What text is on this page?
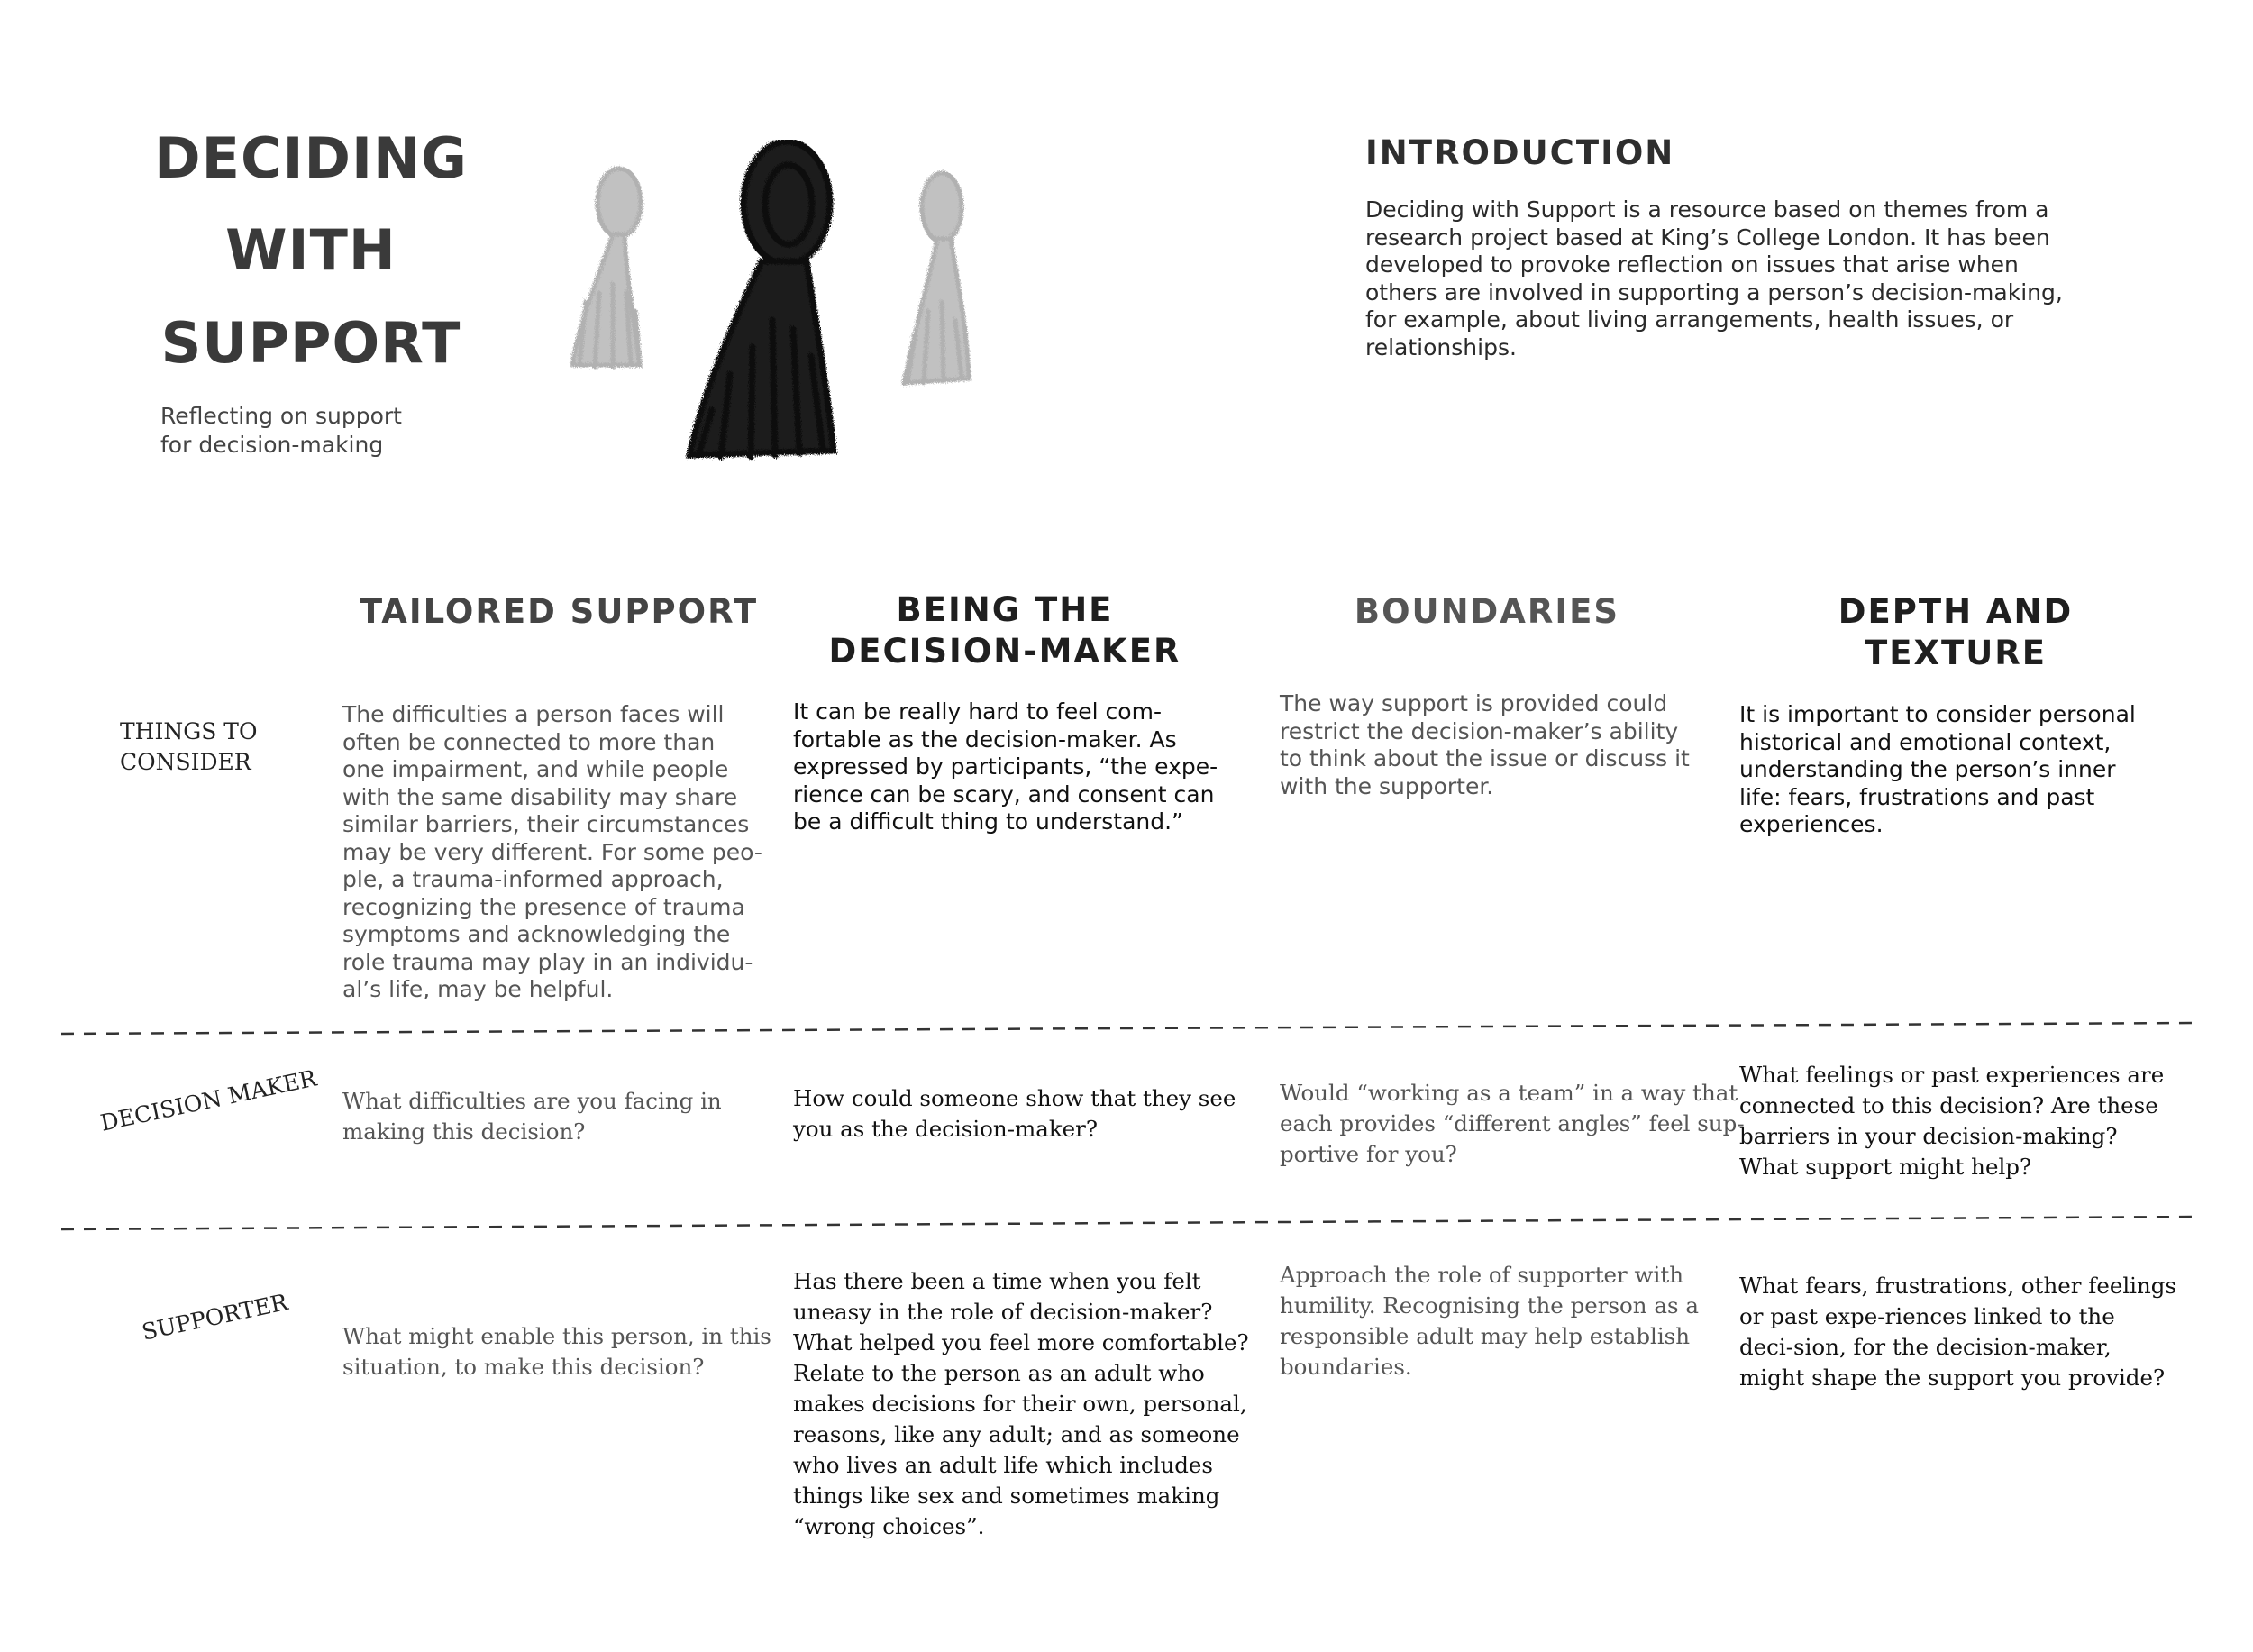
DECIDING
WITH
SUPPORT
Reflecting on support
for decision-making
INTRODUCTION
Deciding with Support is a resource based on themes from a
research project based at King’s College London. It has been
developed to provoke reflection on issues that arise when
others are involved in supporting a person’s decision-making,
for example, about living arrangements, health issues, or
relationships.
TAILORED SUPPORT	BEING THE
DECISION-MAKER
BOUNDARIES	DEPTH AND
TEXTURE
THINGS TO
CONSIDER
The difficulties a person faces will
often be connected to more than
one impairment, and while people
with the same disability may share
similar barriers, their circumstances
may be very different. For some peo-
ple, a trauma-informed approach,
recognizing the presence of trauma
symptoms and acknowledging the
role trauma may play in an individu-
al’s life, may be helpful.
It can be really hard to feel com-
fortable as the decision-maker. As
expressed by participants, “the expe-
rience can be scary, and consent can
be a difficult thing to understand.”
The way support is provided could
restrict the decision-maker’s ability
to think about the issue or discuss it
with the supporter.
It is important to consider personal
historical and emotional context,
understanding the person’s inner
life: fears, frustrations and past
experiences.
DECISION MAKER What difficulties are you facing in
making this decision?
How could someone show that they see
you as the decision-maker?
Would “working as a team” in a way that
each provides “different angles” feel sup-
portive for you?
What feelings or past experiences are
connected to this decision? Are these
barriers in your decision-making?
What support might help?
SUPPORTER What might enable this person, in this
situation, to make this decision?
Has there been a time when you felt
uneasy in the role of decision-maker?
What helped you feel more comfortable?
Relate to the person as an adult who
makes decisions for their own, personal,
reasons, like any adult; and as someone
who lives an adult life which includes
things like sex and sometimes making
“wrong choices”.
Approach the role of supporter with
humility. Recognising the person as a
responsible adult may help establish
boundaries.
What fears, frustrations, other feelings
or past expe-riences linked to the
deci-sion, for the decision-maker,
might shape the support you provide?
